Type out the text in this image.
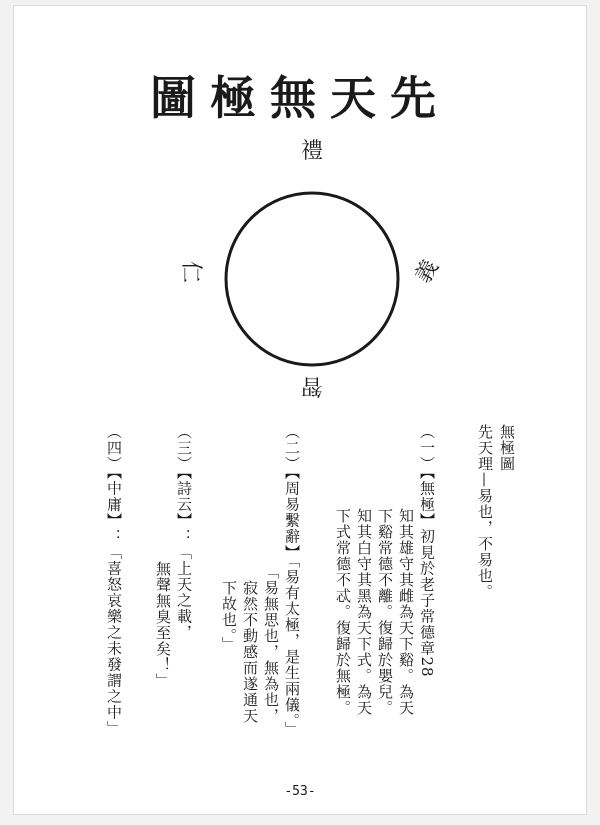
圖極無天先
禮
義
智
仁
無極圖
先天理—易也，不易也。
（一）【無極】初見於老子常德章28
知其雄守其雌為天下谿。為天
下谿常德不離。復歸於嬰兒。
知其白守其黑為天下式。為天
下式常德不忒。復歸於無極。
（二）【周易繫辭】「易有太極，是生兩儀。」
「易無思也，無為也，
寂然不動感而遂通天
下故也。」
（三）【詩云】：「上天之載，
無聲無臭至矣！」
（四）【中庸】：「喜怒哀樂之未發謂之中」
-53-
